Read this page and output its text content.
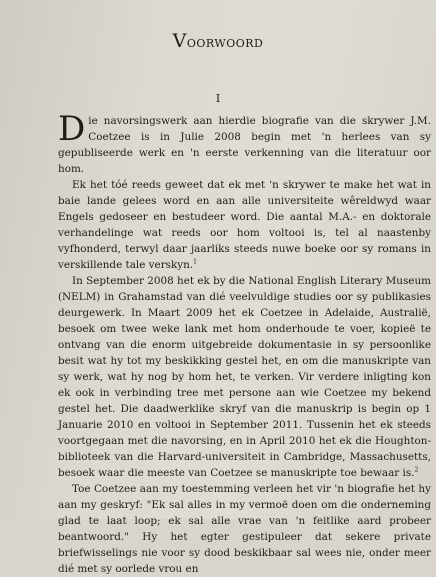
Voorwoord
I

Die navorsingswerk aan hierdie biografie van die skrywer J.M. Coetzee is in Julie 2008 begin met 'n herlees van sy gepubliseerde werk en 'n eerste verkenning van die literatuur oor hom.

Ek het tóé reeds geweet dat ek met 'n skrywer te make het wat in baie lande gelees word en aan alle universiteite wêreldwyd waar Engels gedoseer en bestudeer word. Die aantal M.A.- en doktorale verhandelinge wat reeds oor hom voltooi is, tel al naastenby vyfhonderd, terwyl daar jaarliks steeds nuwe boeke oor sy romans in verskillende tale verskyn.$^1$

In September 2008 het ek by die National English Literary Museum (NELM) in Grahamstad van dié veelvuldige studies oor sy publikasies deurgewerk. In Maart 2009 het ek Coetzee in Adelaide, Australië, besoek om twee weke lank met hom onderhoude te voer, kopieë te ontvang van die enorm uitgebreide dokumentasie in sy persoonlike besit wat hy tot my beskikking gestel het, en om die manuskripte van sy werk, wat hy nog by hom het, te verken. Vir verdere inligting kon ek ook in verbinding tree met persone aan wie Coetzee my bekend gestel het. Die daadwerklike skryf van die manuskrip is begin op 1 Januarie 2010 en voltooi in September 2011. Tussenin het ek steeds voortgegaan met die navorsing, en in April 2010 het ek die Houghton-biblioteek van die Harvard-universiteit in Cambridge, Massachusetts, besoek waar die meeste van Coetzee se manuskripte toe bewaar is.$^2$

Toe Coetzee aan my toestemming verleen het vir 'n biografie het hy aan my geskryf: "Ek sal alles in my vermoë doen om die onderneming glad te laat loop; ek sal alle vrae van 'n feitlike aard probeer beantwoord." Hy het egter gestipuleer dat sekere private briefwisselings nie voor sy dood beskikbaar sal wees nie, onder meer dié met sy oorlede vrou en
